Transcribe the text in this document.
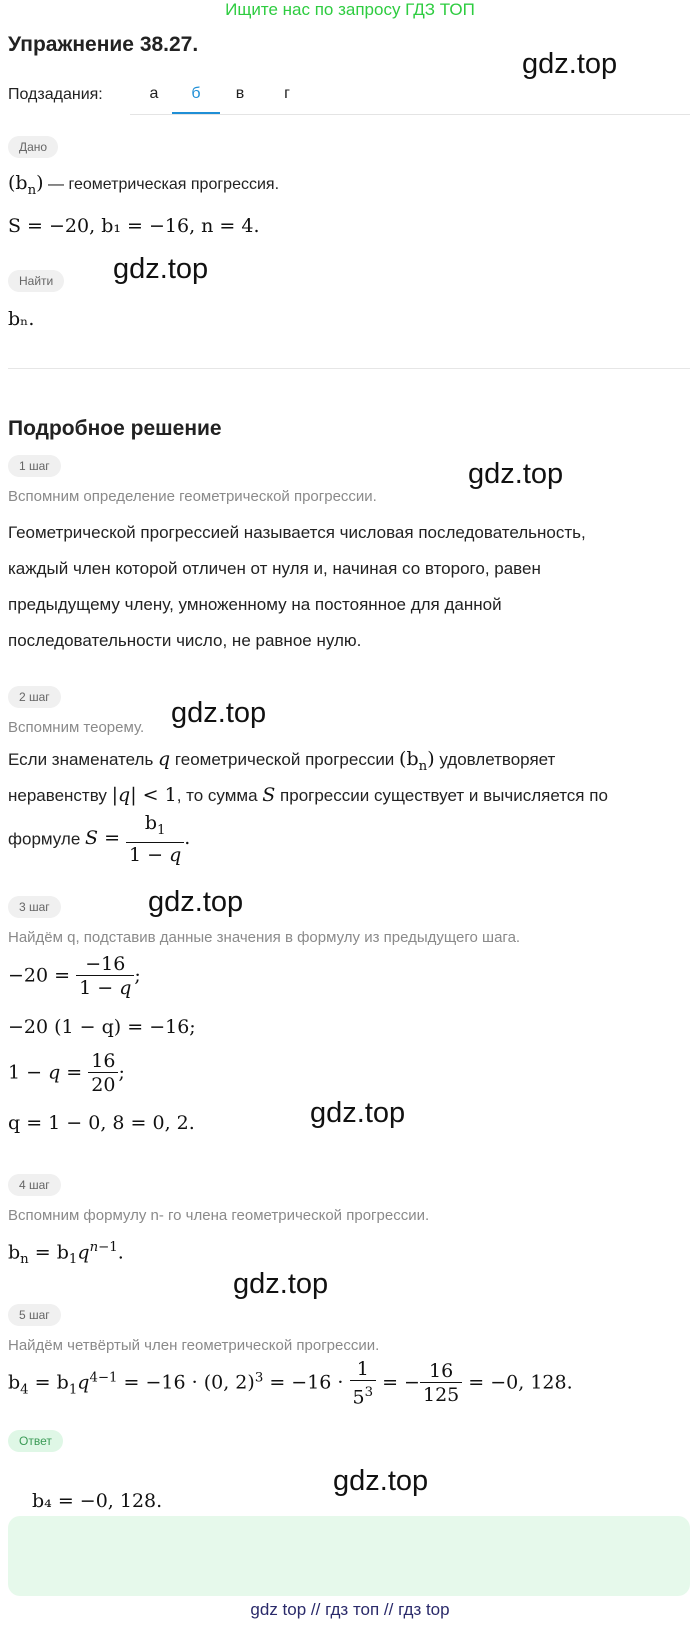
Ищите нас по запросу ГДЗ ТОП
Упражнение 38.27.
gdz.top
gdz.top
gdz.top
gdz.top
gdz.top
gdz.top
gdz.top
gdz.top
Подзадания:	а	б	в	г
Дано
$(b_n)$ — геометрическая прогрессия.
S = −20, b₁ = −16, n = 4.
Найти
bₙ.
Подробное решение
1 шаг
Вспомним определение геометрической прогрессии.
Геометрической прогрессией называется числовая последовательность, каждый член которой отличен от нуля и, начиная со второго, равен предыдущему члену, умноженному на постоянное для данной последовательности число, не равное нулю.
2 шаг
Вспомним теорему.
Если знаменатель q геометрической прогрессии $(b_n)$ удовлетворяет
неравенству |q| < 1, то сумма S прогрессии существует и вычисляется по
формуле $S = \frac{b_1}{1 - q}$ .
3 шаг
Найдём q, подставив данные значения в формулу из предыдущего шага.
$-20 = \frac{-16}{1 - q}$ ;
−20 (1 − q) = −16;
$1 - q = \frac{16}{20}$ ;
q = 1 − 0, 8 = 0, 2.
4 шаг
Вспомним формулу n- го члена геометрической прогрессии.
$b_n = b_1q^{n-1}$.
5 шаг
Найдём четвёртый член геометрической прогрессии.
$b_4 = b_1q^{4-1} = -16 \cdot (0$, $2)^3 = -16 \cdot \frac{1}{5^3}$ = − $\frac{16}{125} = -0$, 128.
Ответ
b₄ = −0, 128.
gdz top // гдз топ // гдз top
